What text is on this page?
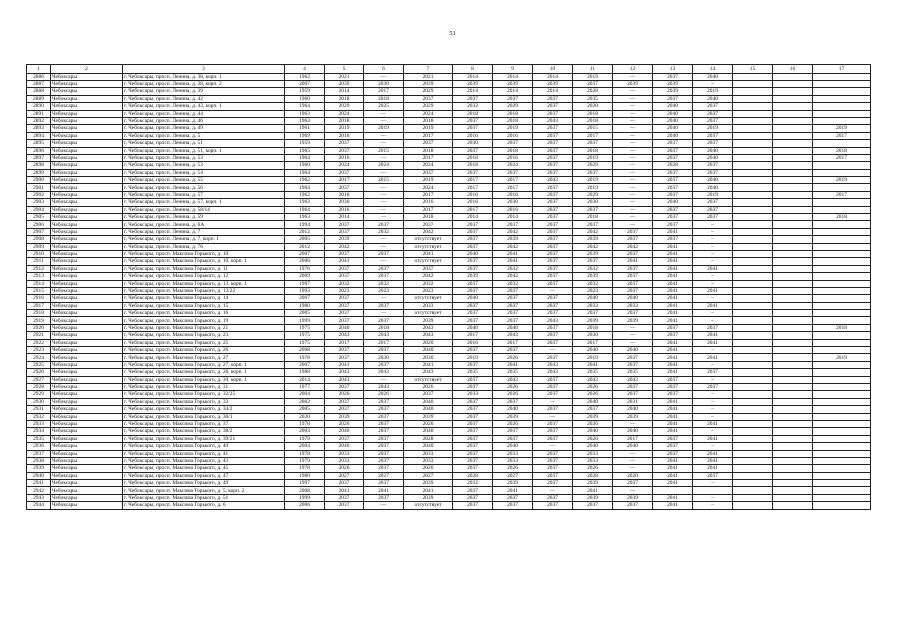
51
1	2	3	4	5	6	7	8	9	10	11	12	13	14	15	16	17
2886	Чебоксары	г. Чебоксары, просп. Ленина, д. 38, корп. 1	1962	2021	—	2021	2014	2014	2014	2019	—	2037	2040			
2887	Чебоксары	г. Чебоксары, просп. Ленина, д. 38, корп. 2	2007	2039	2030	2039	2039	2039	2039	2037	2039	2039	–			
2888	Чебоксары	г. Чебоксары, просп. Ленина, д. 39	1959	2014	2017	2029	2014	2014	2014	2028	—	2039	2019			
2889	Чебоксары	г. Чебоксары, просп. Ленина, д. 42	1960	2018	2018	2037	2037	2037	2037	2035	—	2037	2040			
2890	Чебоксары	г. Чебоксары, просп. Ленина, д. 42, корп. 1	1964	2029	2025	2029	2032	2029	2037	2020	—	2040	2037			
2891	Чебоксары	г. Чебоксары, просп. Ленина, д. 44	1963	2024	—	2024	2018	2018	2037	2018	—	2040	2037			
2892	Чебоксары	г. Чебоксары, просп. Ленина, д. 46	1963	2018	—	2018	2037	2018	2043	2018	—	2040	2037			
2893	Чебоксары	г. Чебоксары, просп. Ленина, д. 49	1961	2019	2019	2019	2037	2019	2037	2015	—	2040	2019			2019
2894	Чебоксары	г. Чебоксары, просп. Ленина, д. 5	1969	2016	—	2017	2016	2016	2037	2017	—	2040	2037			2017
2895	Чебоксары	г. Чебоксары, просп. Ленина, д. 51	1959	2037	—	2037	2030	2037	2037	2037	—	2037	2037			
2896	Чебоксары	г. Чебоксары, просп. Ленина, д. 51, корп. 1	1965	2037	2015	2018	2037	2018	2037	2018	—	2037	2040			2018
2897	Чебоксары	г. Чебоксары, просп. Ленина, д. 53	1964	2016	—	2017	2018	2016	2037	2019	—	2037	2040			2017
2898	Чебоксары	г. Чебоксары, просп. Ленина, д. 53	1960	2024	2024	2024	2018	2024	2037	2029	—	2028	2037			
2899	Чебоксары	г. Чебоксары, просп. Ленина, д. 54	1964	2037	—	2037	2037	2037	2037	2037	—	2037	2037			
2900	Чебоксары	г. Чебоксары, просп. Ленина, д. 55	1962	2017	2015	2019	2017	2017	2043	2019	—	2037	2040			2019
2901	Чебоксары	г. Чебоксары, просп. Ленина, д. 56	1964	2037	—	2024	2017	2017	2037	2019	—	2037	2040			
2902	Чебоксары	г. Чебоксары, просп. Ленина, д. 57	1962	2016	—	2017	2016	2016	2037	2029	—	2037	2019			2017
2903	Чебоксары	г. Чебоксары, просп. Ленина, д. 57, корп. 1	1963	2030	—	2016	2016	2030	2037	2030	—	2040	2037			
2904	Чебоксары	г. Чебоксары, просп. Ленина, д. 58/14	1964	2016	—	2017	2017	2016	2037	2037	—	2037	2037			
2905	Чебоксары	г. Чебоксары, просп. Ленина, д. 59	1963	2014	—	2018	2014	2014	2037	2018	—	2037	2037			2018
2906	Чебоксары	г. Чебоксары, просп. Ленина, д. 6А	1994	2037	2037	2037	2037	2037	2037	2037	—	2037	–			
2907	Чебоксары	г. Чебоксары, просп. Ленина, д. 7	2012	2037	2032	2042	2037	2042	2037	2042	2037	2041	–			
2908	Чебоксары	г. Чебоксары, просп. Ленина, д. 7, корп. 1	2005	2039	—	отсутствует	2037	2039	2037	2039	2037	2037	–			
2909	Чебоксары	г. Чебоксары, просп. Ленина, д. 76	2012	2042	—	отсутствует	2037	2042	2037	2042	2042	2041	–			
2910	Чебоксары	г. Чебоксары, просп. Максима Горького, д. 10	2007	2037	2037	2041	2040	2041	2037	2039	2037	2041	–			
2911	Чебоксары	г. Чебоксары, просп. Максима Горького, д. 10, корп. 1	2006	2041	—	отсутствует	2037	2041	2037	2037	2041	2041	–			
2912	Чебоксары	г. Чебоксары, просп. Максима Горького, д. 11	1976	2037	2037	2037	2037	2032	2037	2032	2037	2041	2041			
2913	Чебоксары	г. Чебоксары, просп. Максима Горького, д. 12	2009	2037	2037	2042	2039	2042	2037	2039	2037	2041	–			
2914	Чебоксары	г. Чебоксары, просп. Максима Горького, д. 13, корп. 1	1997	2032	2032	2032	2037	2032	2037	2032	2037	2041	–			
2915	Чебоксары	г. Чебоксары, просп. Максима Горького, д. 13/22	1993	2023	2023	2023	2037	2037	—	2023	2037	2041	2041			
2916	Чебоксары	г. Чебоксары, просп. Максима Горького, д. 14	2007	2037	—	отсутствует	2040	2037	2037	2040	2040	2041	–			
2917	Чебоксары	г. Чебоксары, просп. Максима Горького, д. 15	1980	2037	2037	2033	2037	2037	2037	2033	2033	2041	2041			
2918	Чебоксары	г. Чебоксары, просп. Максима Горького, д. 16	2005	2037	—	отсутствует	2037	2037	2037	2037	2037	2041	–			
2919	Чебоксары	г. Чебоксары, просп. Максима Горького, д. 19	1999	2037	2037	2039	2037	2037	2043	2039	2039	2041	–			
2920	Чебоксары	г. Чебоксары, просп. Максима Горького, д. 21	1975	2040	2018	2043	2040	2040	2037	2018	—	2037	2037			2018
2921	Чебоксары	г. Чебоксары, просп. Максима Горького, д. 23	1975	2043	2043	2043	2017	2043	2037	2030	—	2037	2041			
2922	Чебоксары	г. Чебоксары, просп. Максима Горького, д. 25	1975	2017	2017	2020	2016	2017	2037	2017	—	2041	2041			
2923	Чебоксары	г. Чебоксары, просп. Максима Горького, д. 26	2008	2037	2037	2040	2037	2037	—	2040	2040	2041	–			
2924	Чебоксары	г. Чебоксары, просп. Максима Горького, д. 27	1978	2037	2030	2030	2019	2026	2037	2019	2037	2041	2041			2019
2925	Чебоксары	г. Чебоксары, просп. Максима Горького, д. 27, корп. 1	2007	2041	2037	2041	2037	2041	2043	2041	2037	2041	–			
2926	Чебоксары	г. Чебоксары, просп. Максима Горького, д. 28, корп. 1	1988	2043	2043	2043	2035	2035	2043	2035	2035	2041	2037			
2927	Чебоксары	г. Чебоксары, просп. Максима Горького, д. 30, корп. 1	2014	2043	—	отсутствует	2037	2043	2037	2043	2043	2037	–			
2928	Чебоксары	г. Чебоксары, просп. Максима Горького, д. 31	1977	2037	2043	2026	2037	2026	2037	2026	2037	2037	2037			
2929	Чебоксары	г. Чебоксары, просп. Максима Горького, д. 32/25	2004	2026	2026	2037	2033	2026	2037	2026	2037	2037	–			
2930	Чебоксары	г. Чебоксары, просп. Максима Горького, д. 33	2002	2037	2037	2040	2037	2037	—	2040	2031	2041	–			
2931	Чебоксары	г. Чебоксары, просп. Максима Горького, д. 34/2	2005	2037	2037	2040	2037	2040	2037	2037	2040	2041	–			
2932	Чебоксары	г. Чебоксары, просп. Максима Горького, д. 36/1	2020	2039	2037	2039	2037	2039	—	2039	2039	2041	–			
2933	Чебоксары	г. Чебоксары, просп. Максима Горького, д. 37	1978	2026	2037	2026	2037	2026	2037	2026	—	2041	2041			
2934	Чебоксары	г. Чебоксары, просп. Максима Горького, д. 38/2	2003	2040	2037	2040	2037	2037	2037	2040	2040	2041	–			
2935	Чебоксары	г. Чебоксары, просп. Максима Горького, д. 39/21	1979	2037	2037	2028	2037	2037	2037	2026	2017	2037	2041			
2936	Чебоксары	г. Чебоксары, просп. Максима Горького, д. 40	2004	2040	2037	2040	2037	2040	—	2040	2040	2037	–			
2937	Чебоксары	г. Чебоксары, просп. Максима Горького, д. 41	1978	2033	2037	2033	2037	2033	2037	2033	—	2037	2041			
2938	Чебоксары	г. Чебоксары, просп. Максима Горького, д. 43	1979	2033	2037	2033	2037	2033	2037	2033	—	2041	2041			
2939	Чебоксары	г. Чебоксары, просп. Максима Горького, д. 45	1978	2026	2037	2026	2037	2026	2037	2026	—	2041	2041			
2940	Чебоксары	г. Чебоксары, просп. Максима Горького, д. 47	1980	2027	2027	2027	2028	2027	2037	2028	2020	2041	2037			
2941	Чебоксары	г. Чебоксары, просп. Максима Горького, д. 49	1997	2037	2037	2039	2032	2039	2037	2039	2037	2041	–			
2942	Чебоксары	г. Чебоксары, просп. Максима Горького, д. 5, корп. 2	2008	2041	2041	2041	2037	2041	—	2041	—					
2943	Чебоксары	г. Чебоксары, просп. Максима Горького, д. 51	1999	2037	2037	2039	2037	2037	2037	2039	2039	2041	–			
2944	Чебоксары	г. Чебоксары, просп. Максима Горького, д. 6	2006	2037	—	отсутствует	2037	2037	2037	2037	2037	2041	–			
